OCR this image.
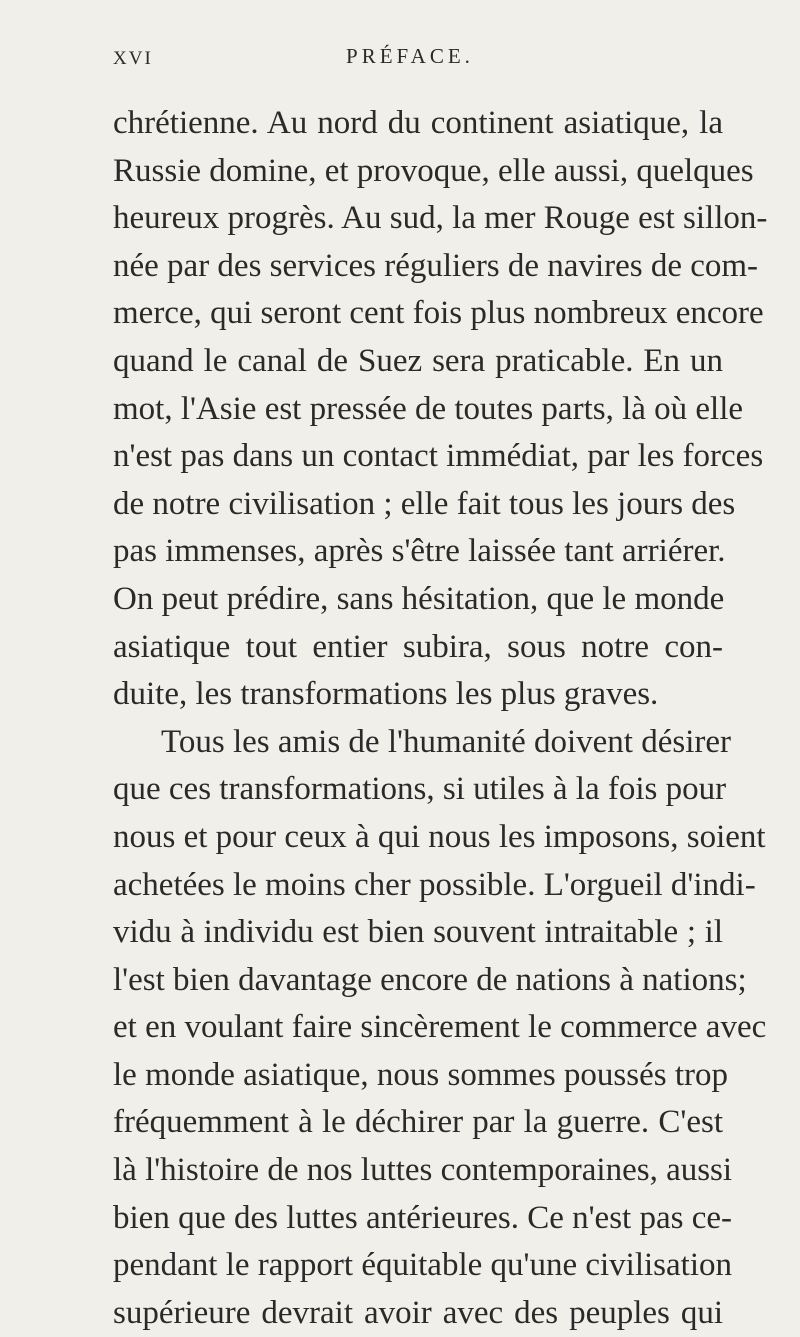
XVI	PRÉFACE.
chrétienne. Au nord du continent asiatique, la
Russie domine, et provoque, elle aussi, quelques
heureux progrès. Au sud, la mer Rouge est sillon-
née par des services réguliers de navires de com-
merce, qui seront cent fois plus nombreux encore
quand le canal de Suez sera praticable. En un
mot, l'Asie est pressée de toutes parts, là où elle
n'est pas dans un contact immédiat, par les forces
de notre civilisation ; elle fait tous les jours des
pas immenses, après s'être laissée tant arriérer.
On peut prédire, sans hésitation, que le monde
asiatique tout entier subira, sous notre con-
duite, les transformations les plus graves.
Tous les amis de l'humanité doivent désirer
que ces transformations, si utiles à la fois pour
nous et pour ceux à qui nous les imposons, soient
achetées le moins cher possible. L'orgueil d'indi-
vidu à individu est bien souvent intraitable ; il
l'est bien davantage encore de nations à nations;
et en voulant faire sincèrement le commerce avec
le monde asiatique, nous sommes poussés trop
fréquemment à le déchirer par la guerre. C'est
là l'histoire de nos luttes contemporaines, aussi
bien que des luttes antérieures. Ce n'est pas ce-
pendant le rapport équitable qu'une civilisation
supérieure devrait avoir avec des peuples qui
